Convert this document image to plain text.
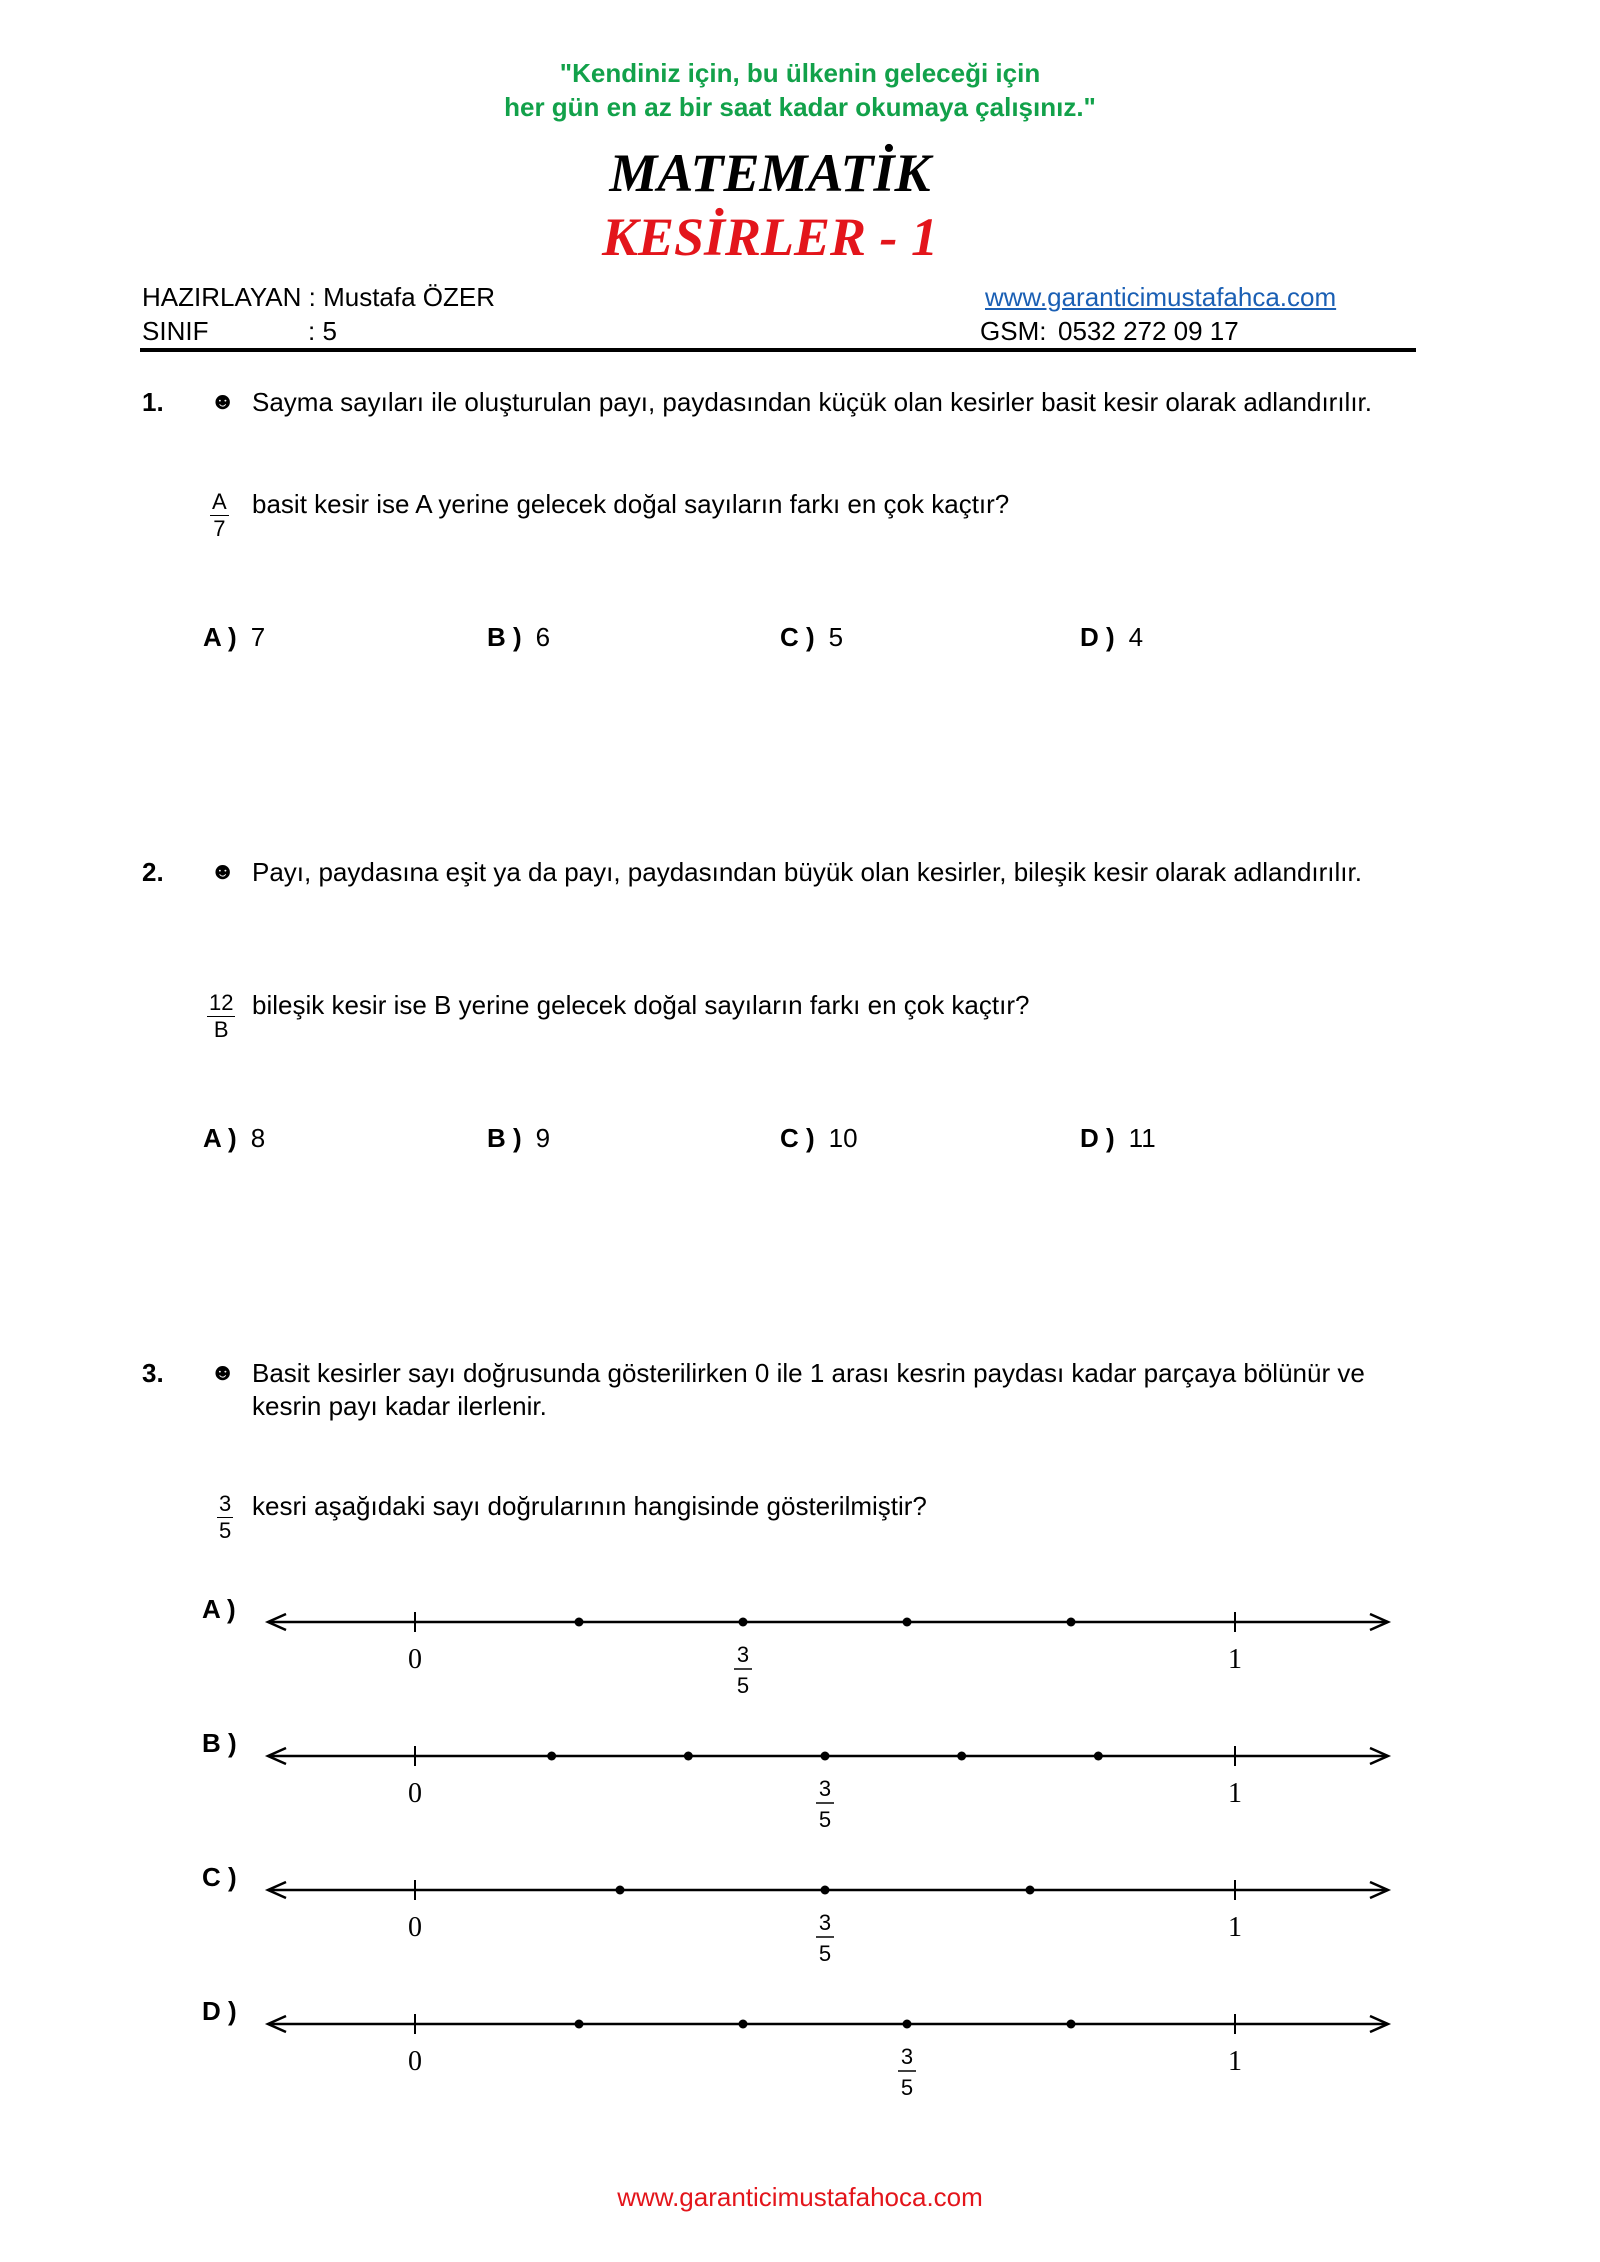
"Kendiniz için, bu ülkenin geleceği için
her gün en az bir saat kadar okumaya çalışınız."
MATEMATİK
KESİRLER - 1
HAZIRLAYAN : Mustafa ÖZER
SINIF	: 5
www.garanticimustafahca.com
GSM: 0532 272 09 17
1. ☻ Sayma sayıları ile oluşturulan payı, paydasından küçük olan kesirler basit kesir olarak adlandırılır.
$\frac{A}{7}$ basit kesir ise A yerine gelecek doğal sayıların farkı en çok kaçtır?
A ) 7	B ) 6	C ) 5	D ) 4
2. ☻ Payı, paydasına eşit ya da payı, paydasından büyük olan kesirler, bileşik kesir olarak adlandırılır.
$\frac{12}{B}$ bileşik kesir ise B yerine gelecek doğal sayıların farkı en çok kaçtır?
A ) 8	B ) 9	C ) 10	D ) 11
3. ☻ Basit kesirler sayı doğrusunda gösterilirken 0 ile 1 arası kesrin paydası kadar parçaya bölünür ve kesrin payı kadar ilerlenir.
$\frac{3}{5}$ kesri aşağıdaki sayı doğrularının hangisinde gösterilmiştir?
A )
B )
C )
D )
0	1
3
5
0	1
3
5
0	1
3
5
0	1
3
5
www.garanticimustafahoca.com
